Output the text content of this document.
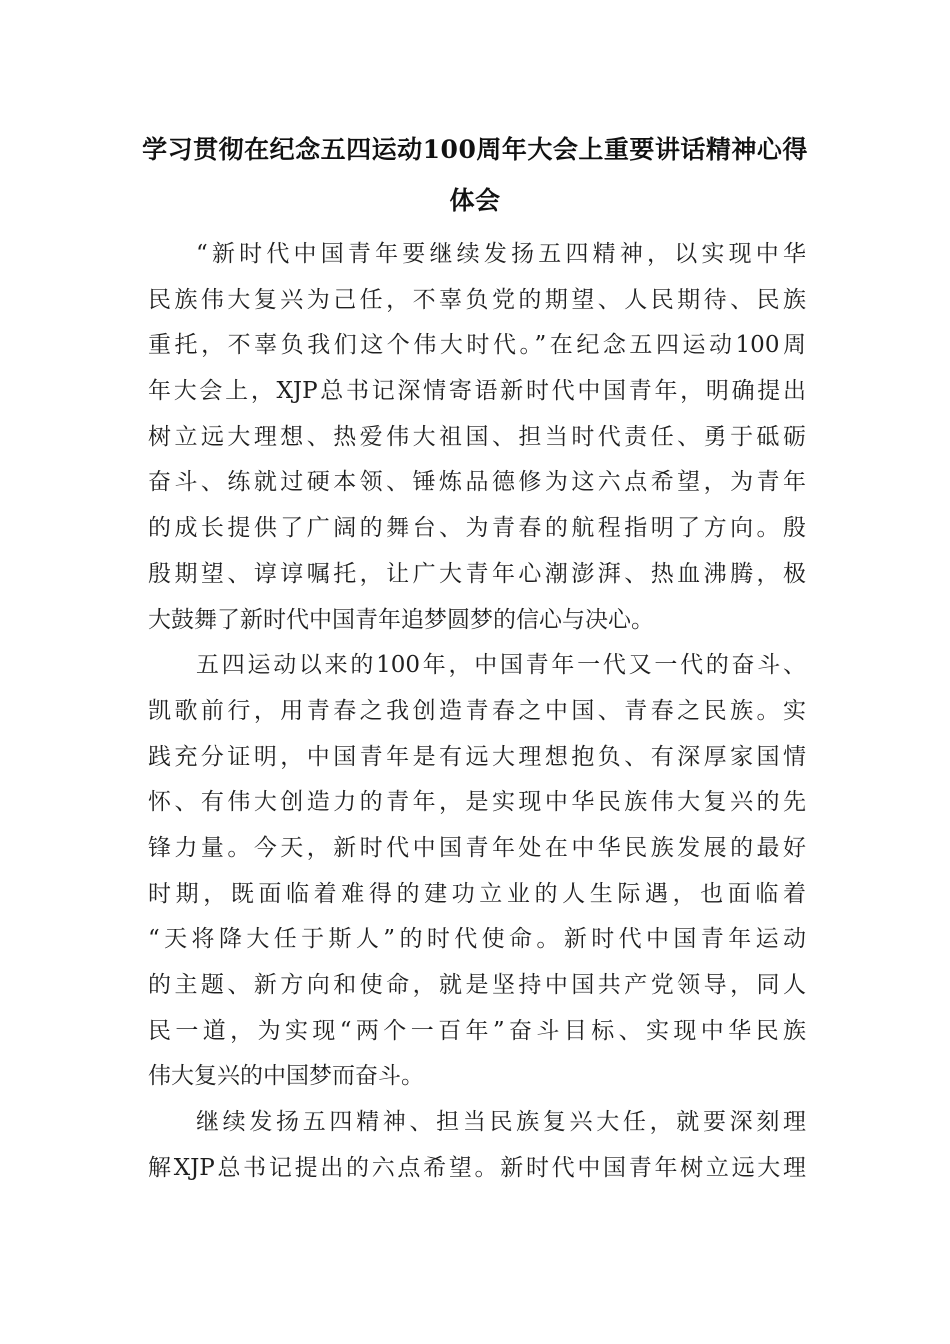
学习贯彻在纪念五四运动100周年大会上重要讲话精神心得
体会
“新时代中国青年要继续发扬五四精神，以实现中华
民族伟大复兴为己任，不辜负党的期望、人民期待、民族
重托，不辜负我们这个伟大时代。”在纪念五四运动100周
年大会上，XJP总书记深情寄语新时代中国青年，明确提出
树立远大理想、热爱伟大祖国、担当时代责任、勇于砥砺
奋斗、练就过硬本领、锤炼品德修为这六点希望，为青年
的成长提供了广阔的舞台、为青春的航程指明了方向。殷
殷期望、谆谆嘱托，让广大青年心潮澎湃、热血沸腾，极
大鼓舞了新时代中国青年追梦圆梦的信心与决心。
五四运动以来的100年，中国青年一代又一代的奋斗、
凯歌前行，用青春之我创造青春之中国、青春之民族。实
践充分证明，中国青年是有远大理想抱负、有深厚家国情
怀、有伟大创造力的青年，是实现中华民族伟大复兴的先
锋力量。今天，新时代中国青年处在中华民族发展的最好
时期，既面临着难得的建功立业的人生际遇，也面临着
“天将降大任于斯人”的时代使命。新时代中国青年运动
的主题、新方向和使命，就是坚持中国共产党领导，同人
民一道，为实现“两个一百年”奋斗目标、实现中华民族
伟大复兴的中国梦而奋斗。
继续发扬五四精神、担当民族复兴大任，就要深刻理
解XJP总书记提出的六点希望。新时代中国青年树立远大理
